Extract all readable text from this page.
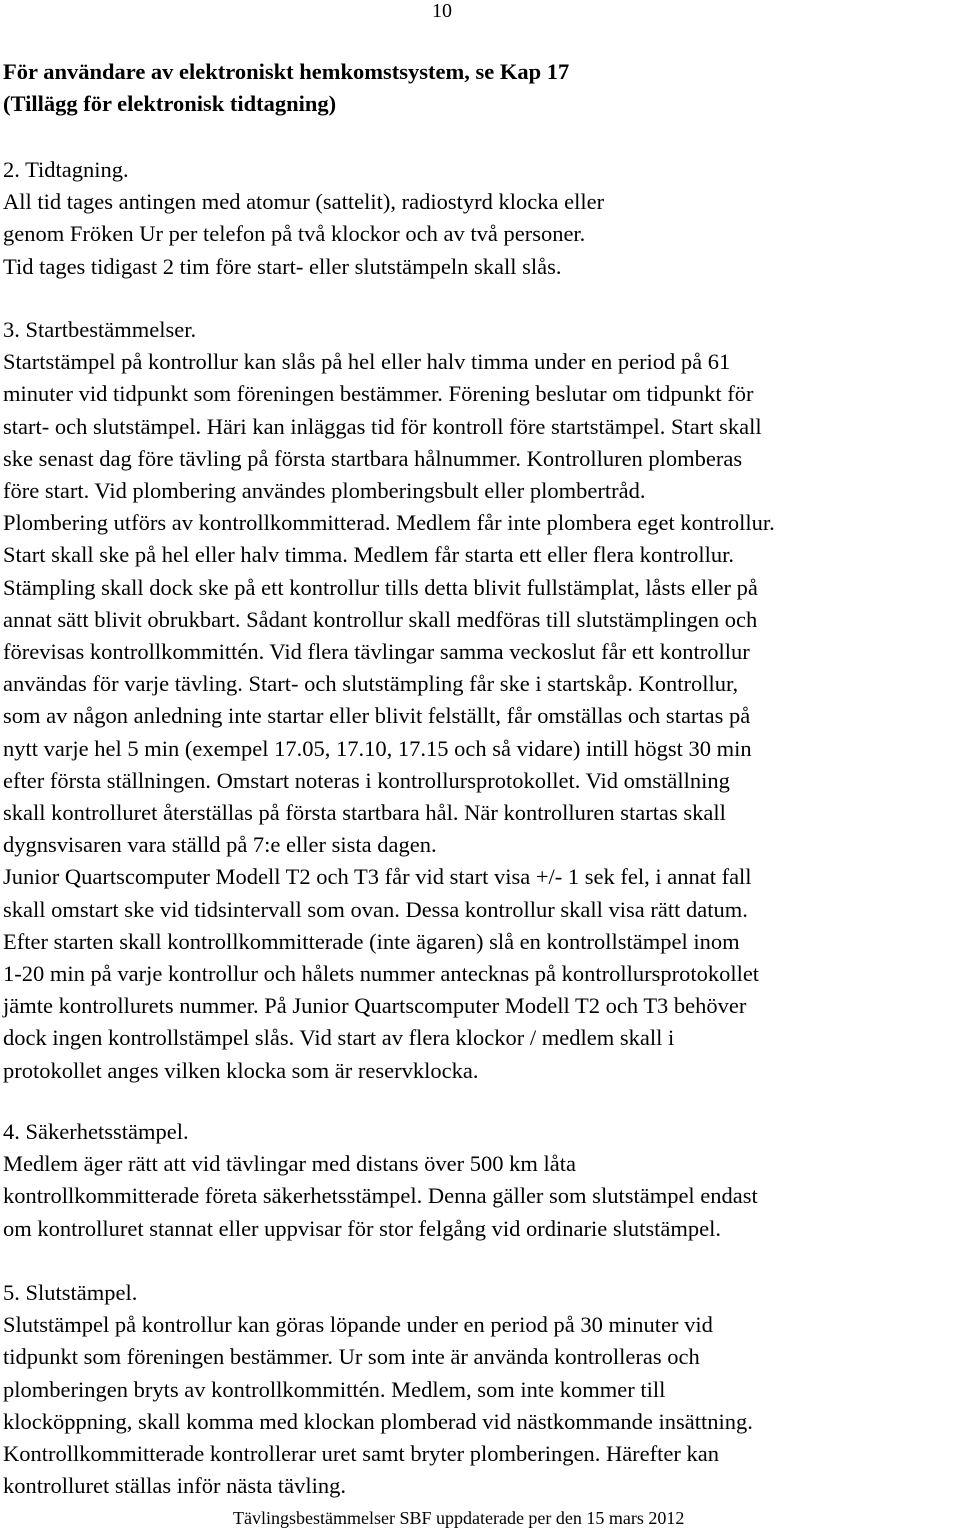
10
För användare av elektroniskt hemkomstsystem, se Kap 17
(Tillägg för elektronisk tidtagning)
2. Tidtagning.
All tid tages antingen med atomur (sattelit), radiostyrd klocka eller
genom Fröken Ur per telefon på två klockor och av två personer.
Tid tages tidigast 2 tim före start- eller slutstämpeln skall slås.
3. Startbestämmelser.
Startstämpel på kontrollur kan slås på hel eller halv timma under en period på 61
minuter vid tidpunkt som föreningen bestämmer. Förening beslutar om tidpunkt för
start- och slutstämpel. Häri kan inläggas tid för kontroll före startstämpel. Start skall
ske senast dag före tävling på första startbara hålnummer. Kontrolluren plomberas
före start. Vid plombering användes plomberingsbult eller plombertråd.
Plombering utförs av kontrollkommitterad. Medlem får inte plombera eget kontrollur.
Start skall ske på hel eller halv timma. Medlem får starta ett eller flera kontrollur.
Stämpling skall dock ske på ett kontrollur tills detta blivit fullstämplat, låsts eller på
annat sätt blivit obrukbart. Sådant kontrollur skall medföras till slutstämplingen och
förevisas kontrollkommittén. Vid flera tävlingar samma veckoslut får ett kontrollur
användas för varje tävling. Start- och slutstämpling får ske i startskåp. Kontrollur,
som av någon anledning inte startar eller blivit felställt, får omställas och startas på
nytt varje hel 5 min (exempel 17.05, 17.10, 17.15 och så vidare) intill högst 30 min
efter första ställningen. Omstart noteras i kontrollursprotokollet. Vid omställning
skall kontrolluret återställas på första startbara hål. När kontrolluren startas skall
dygnsvisaren vara ställd på 7:e eller sista dagen.
Junior Quartscomputer Modell T2 och T3 får vid start visa +/- 1 sek fel, i annat fall
skall omstart ske vid tidsintervall som ovan. Dessa kontrollur skall visa rätt datum.
Efter starten skall kontrollkommitterade (inte ägaren) slå en kontrollstämpel inom
1-20 min på varje kontrollur och hålets nummer antecknas på kontrollursprotokollet
jämte kontrollurets nummer. På Junior Quartscomputer Modell T2 och T3 behöver
dock ingen kontrollstämpel slås. Vid start av flera klockor / medlem skall i
protokollet anges vilken klocka som är reservklocka.
4. Säkerhetsstämpel.
Medlem äger rätt att vid tävlingar med distans över 500 km låta
kontrollkommitterade företa säkerhetsstämpel. Denna gäller som slutstämpel endast
om kontrolluret stannat eller uppvisar för stor felgång vid ordinarie slutstämpel.
5. Slutstämpel.
Slutstämpel på kontrollur kan göras löpande under en period på 30 minuter vid
tidpunkt som föreningen bestämmer. Ur som inte är använda kontrolleras och
plomberingen bryts av kontrollkommittén. Medlem, som inte kommer till
klocköppning, skall komma med klockan plomberad vid nästkommande insättning.
Kontrollkommitterade kontrollerar uret samt bryter plomberingen. Härefter kan
kontrolluret ställas inför nästa tävling.
Tävlingsbestämmelser SBF uppdaterade per den 15 mars 2012
